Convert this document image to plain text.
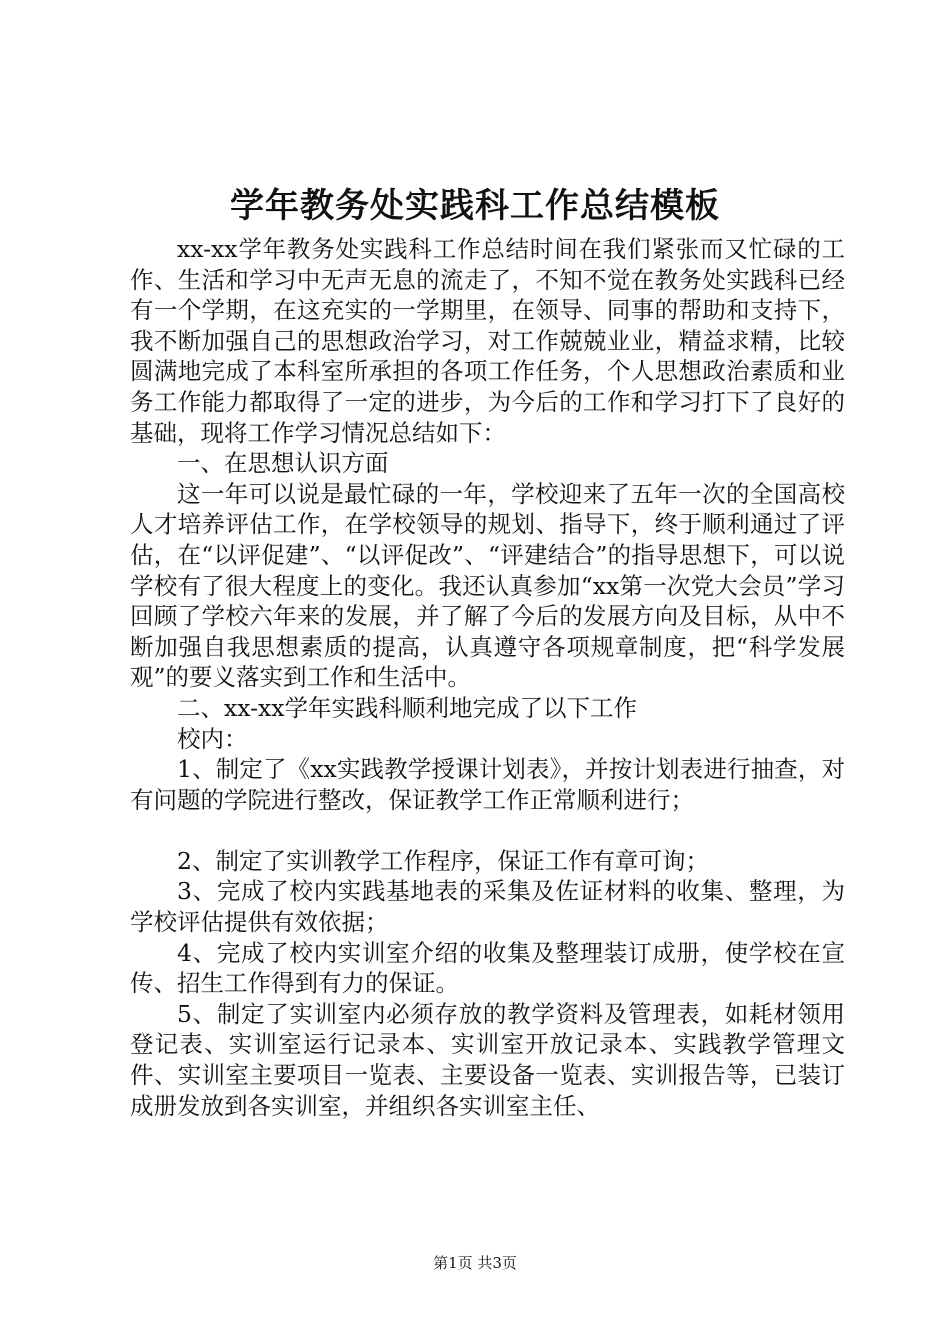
学年教务处实践科工作总结模板

xx-xx学年教务处实践科工作总结时间在我们紧张而又忙碌的工作、生活和学习中无声无息的流走了，不知不觉在教务处实践科已经有一个学期，在这充实的一学期里，在领导、同事的帮助和支持下，我不断加强自己的思想政治学习，对工作兢兢业业，精益求精，比较圆满地完成了本科室所承担的各项工作任务，个人思想政治素质和业务工作能力都取得了一定的进步，为今后的工作和学习打下了良好的基础，现将工作学习情况总结如下：

一、在思想认识方面

这一年可以说是最忙碌的一年，学校迎来了五年一次的全国高校人才培养评估工作，在学校领导的规划、指导下，终于顺利通过了评估，在“以评促建”、“以评促改”、“评建结合”的指导思想下，可以说学校有了很大程度上的变化。我还认真参加“xx第一次党大会员”学习回顾了学校六年来的发展，并了解了今后的发展方向及目标，从中不断加强自我思想素质的提高，认真遵守各项规章制度，把“科学发展观”的要义落实到工作和生活中。

二、xx-xx学年实践科顺利地完成了以下工作

校内：

1、制定了《xx实践教学授课计划表》，并按计划表进行抽查，对有问题的学院进行整改，保证教学工作正常顺利进行；

2、制定了实训教学工作程序，保证工作有章可询；

3、完成了校内实践基地表的采集及佐证材料的收集、整理，为学校评估提供有效依据；

4、完成了校内实训室介绍的收集及整理装订成册，使学校在宣传、招生工作得到有力的保证。

5、制定了实训室内必须存放的教学资料及管理表，如耗材领用登记表、实训室运行记录本、实训室开放记录本、实践教学管理文件、实训室主要项目一览表、主要设备一览表、实训报告等，已装订成册发放到各实训室，并组织各实训室主任、

第1页 共3页
